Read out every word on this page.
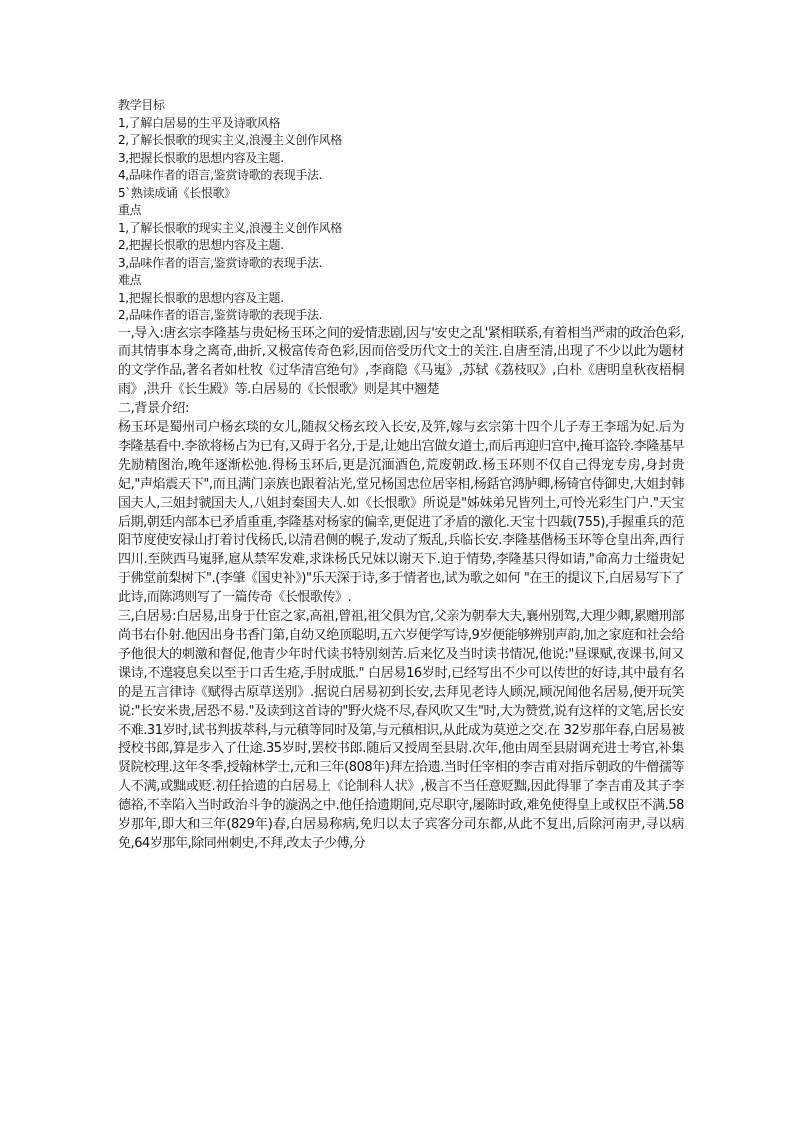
教学目标
1,了解白居易的生平及诗歌风格
2,了解长恨歌的现实主义,浪漫主义创作风格
3,把握长恨歌的思想内容及主题.
4,品味作者的语言,鉴赏诗歌的表现手法.
5`熟读成诵《长恨歌》
重点
1,了解长恨歌的现实主义,浪漫主义创作风格
2,把握长恨歌的思想内容及主题.
3,品味作者的语言,鉴赏诗歌的表现手法.
难点
1,把握长恨歌的思想内容及主题.
2,品味作者的语言,鉴赏诗歌的表现手法.

一,导入:唐玄宗李隆基与贵妃杨玉环之间的爱情悲剧,因与'安史之乱'紧相联系,有着相当严肃的政治色彩,而其情事本身之离奇,曲折,又极富传奇色彩,因而倍受历代文士的关注.自唐至清,出现了不少以此为题材的文学作品,著名者如杜牧《过华清宫绝句》,李商隐《马嵬》,苏轼《荔枝叹》,白朴《唐明皇秋夜梧桐雨》,洪升《长生殿》等.白居易的《长恨歌》则是其中翘楚

二,背景介绍:

杨玉环是蜀州司户杨玄琰的女儿,随叔父杨玄珓入长安,及笄,嫁与玄宗第十四个儿子寿王李瑶为妃.后为李隆基看中.李欲将杨占为已有,又碍于名分,于是,让她出宫做女道士,而后再迎归宫中,掩耳盗铃.李隆基早先励精图治,晚年逐渐松弛.得杨玉环后,更是沉湎酒色,荒废朝政.杨玉环则不仅自己得宠专房,身封贵妃,"声焰震天下",而且满门亲族也跟着沾光,堂兄杨国忠位居宰相,杨銛官鸿胪卿,杨锜官侍御史,大姐封韩国夫人,三姐封虢国夫人,八姐封秦国夫人.如《长恨歌》所说是"姊妹弟兄皆列土,可怜光彩生门户."天宝后期,朝廷内部本已矛盾重重,李隆基对杨家的偏幸,更促进了矛盾的激化.天宝十四载(755),手握重兵的范阳节度使安禄山打着讨伐杨氏,以清君侧的幌子,发动了叛乱,兵临长安.李隆基偕杨玉环等仓皇出奔,西行四川.至陕西马嵬驿,扈从禁军发难,求诛杨氏兄妹以谢天下.迫于情势,李隆基只得如请,"命高力士缢贵妃于佛堂前梨树下".(李肇《国史补》)"乐天深于诗,多于情者也,试为歌之如何 "在王的提议下,白居易写下了此诗,而陈鸿则写了一篇传奇《长恨歌传》.

三,白居易:白居易,出身于仕宦之家,高祖,曾祖,祖父俱为官,父亲为朝奉大夫,襄州别驾,大理少卿,累赠刑部尚书右仆射.他因出身书香门第,自幼又绝顶聪明,五六岁便学写诗,9岁便能够辨别声韵,加之家庭和社会给予他很大的刺激和督促,他青少年时代读书特别刻苦.后来忆及当时读书情况,他说:"昼课赋,夜课书,间又课诗,不遑寝息矣以至于口舌生疮,手肘成胝." 白居易16岁时,已经写出不少可以传世的好诗,其中最有名的是五言律诗《赋得古原草送别》.据说白居易初到长安,去拜见老诗人顾况,顾况闻他名居易,便开玩笑说:"长安米贵,居恐不易."及读到这首诗的"野火烧不尽,春风吹又生"时,大为赞赏,说有这样的文笔,居长安不难.31岁时,试书判拔萃科,与元稹等同时及第,与元稹相识,从此成为莫逆之交.在 32岁那年春,白居易被授校书郎,算是步入了仕途.35岁时,罢校书郎.随后又授周至县尉.次年,他由周至县尉调充进士考官,补集贤院校理.这年冬季,授翰林学士,元和三年(808年)拜左拾遗.当时任宰相的李吉甫对指斥朝政的牛僧孺等人不满,或黜或贬.初任拾遗的白居易上《论制科人状》,极言不当任意贬黜,因此得罪了李吉甫及其子李德裕,不幸陷入当时政治斗争的漩涡之中.他任拾遗期间,克尽职守,屡陈时政,难免使得皇上或权臣不满.58岁那年,即大和三年(829年)春,白居易称病,免归以太子宾客分司东都,从此不复出,后除河南尹,寻以病免,64岁那年,除同州刺史,不拜,改太子少傅,分
